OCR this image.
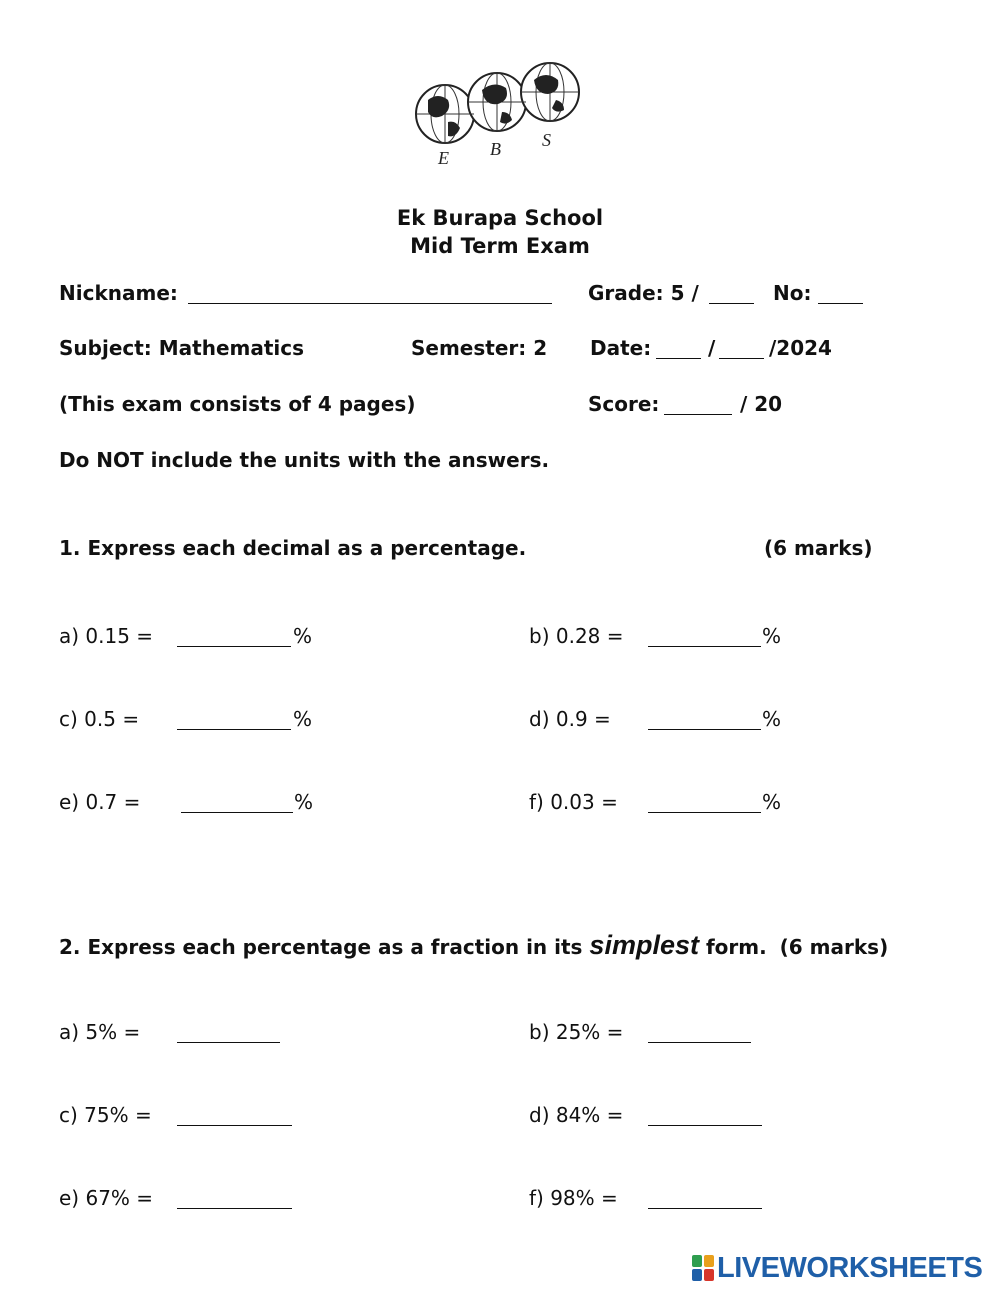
E B S
Ek Burapa School
Mid Term Exam
Nickname:	Grade: 5 /	No:
Subject: Mathematics	Semester: 2 Date:	/	/2024
(This exam consists of 4 pages)	Score:	/ 20
Do NOT include the units with the answers.
1. Express each decimal as a percentage.	(6 marks)
a) 0.15 =	%	b) 0.28 =	%
c) 0.5 =	%	d) 0.9 =	%
e) 0.7 =	%	f) 0.03 =	%
2. Express each percentage as a fraction in its simplest form. (6 marks)
a) 5% =	b) 25% =
c) 75% =	d) 84% =
e) 67% =	f) 98% =
LIVEWORKSHEETS
